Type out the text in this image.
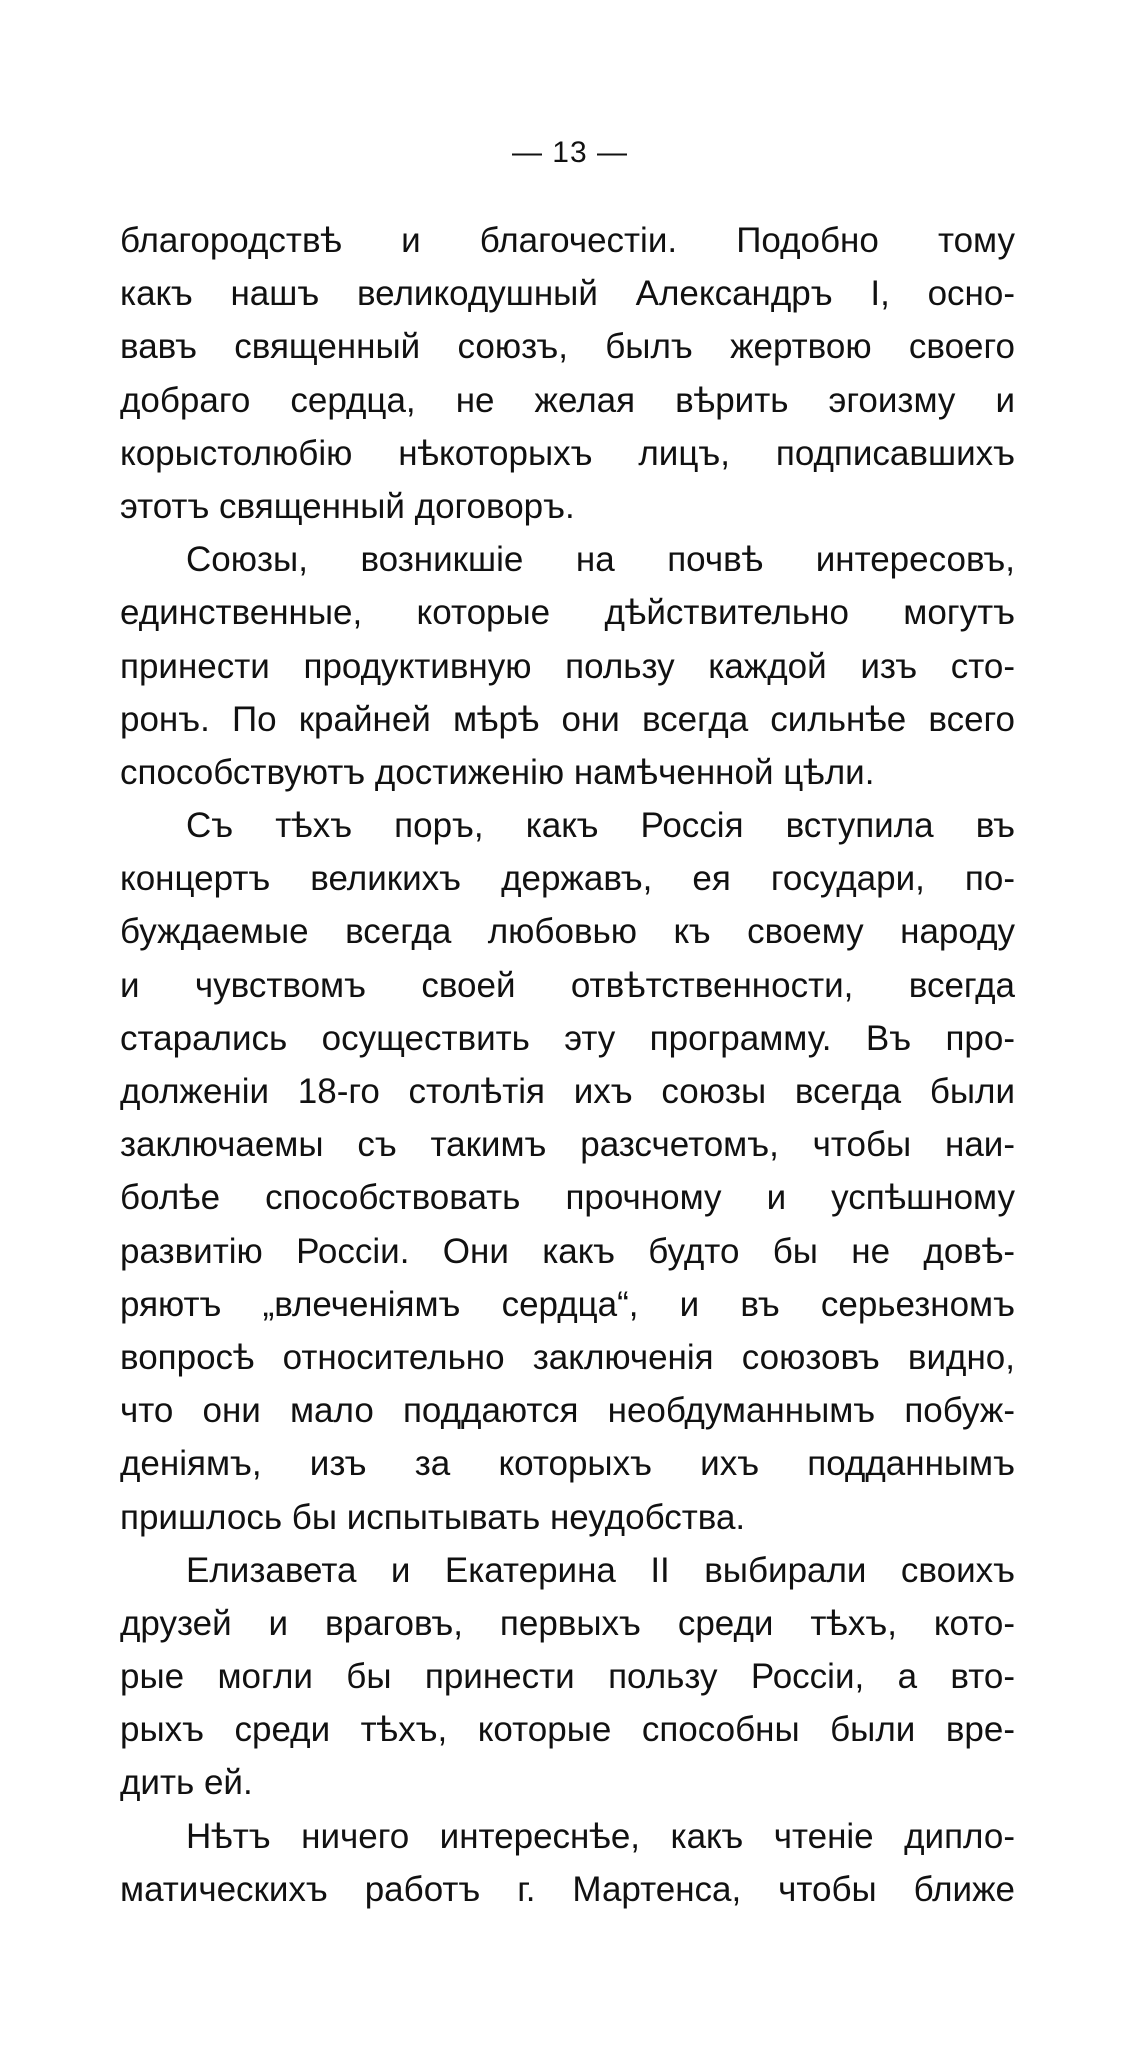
— 13 —
благородствѣ и благочестіи. Подобно тому
какъ нашъ великодушный Александръ I, осно-
вавъ священный союзъ, былъ жертвою своего
добраго сердца, не желая вѣрить эгоизму и
корыстолюбію нѣкоторыхъ лицъ, подписавшихъ
этотъ священный договоръ.
Союзы, возникшіе на почвѣ интересовъ,
единственные, которые дѣйствительно могутъ
принести продуктивную пользу каждой изъ сто-
ронъ. По крайней мѣрѣ они всегда сильнѣе всего
способствуютъ достиженію намѣченной цѣли.
Съ тѣхъ поръ, какъ Россія вступила въ
концертъ великихъ державъ, ея государи, по-
буждаемые всегда любовью къ своему народу
и чувствомъ своей отвѣтственности, всегда
старались осуществить эту программу. Въ про-
долженіи 18-го столѣтія ихъ союзы всегда были
заключаемы съ такимъ разсчетомъ, чтобы наи-
болѣе способствовать прочному и успѣшному
развитію Россіи. Они какъ будто бы не довѣ-
ряютъ „влеченіямъ сердца“, и въ серьезномъ
вопросѣ относительно заключенія союзовъ видно,
что они мало поддаются необдуманнымъ побуж-
деніямъ, изъ за которыхъ ихъ подданнымъ
пришлось бы испытывать неудобства.
Елизавета и Екатерина II выбирали своихъ
друзей и враговъ, первыхъ среди тѣхъ, кото-
рые могли бы принести пользу Россіи, а вто-
рыхъ среди тѣхъ, которые способны были вре-
дить ей.
Нѣтъ ничего интереснѣе, какъ чтеніе дипло-
матическихъ работъ г. Мартенса, чтобы ближе
